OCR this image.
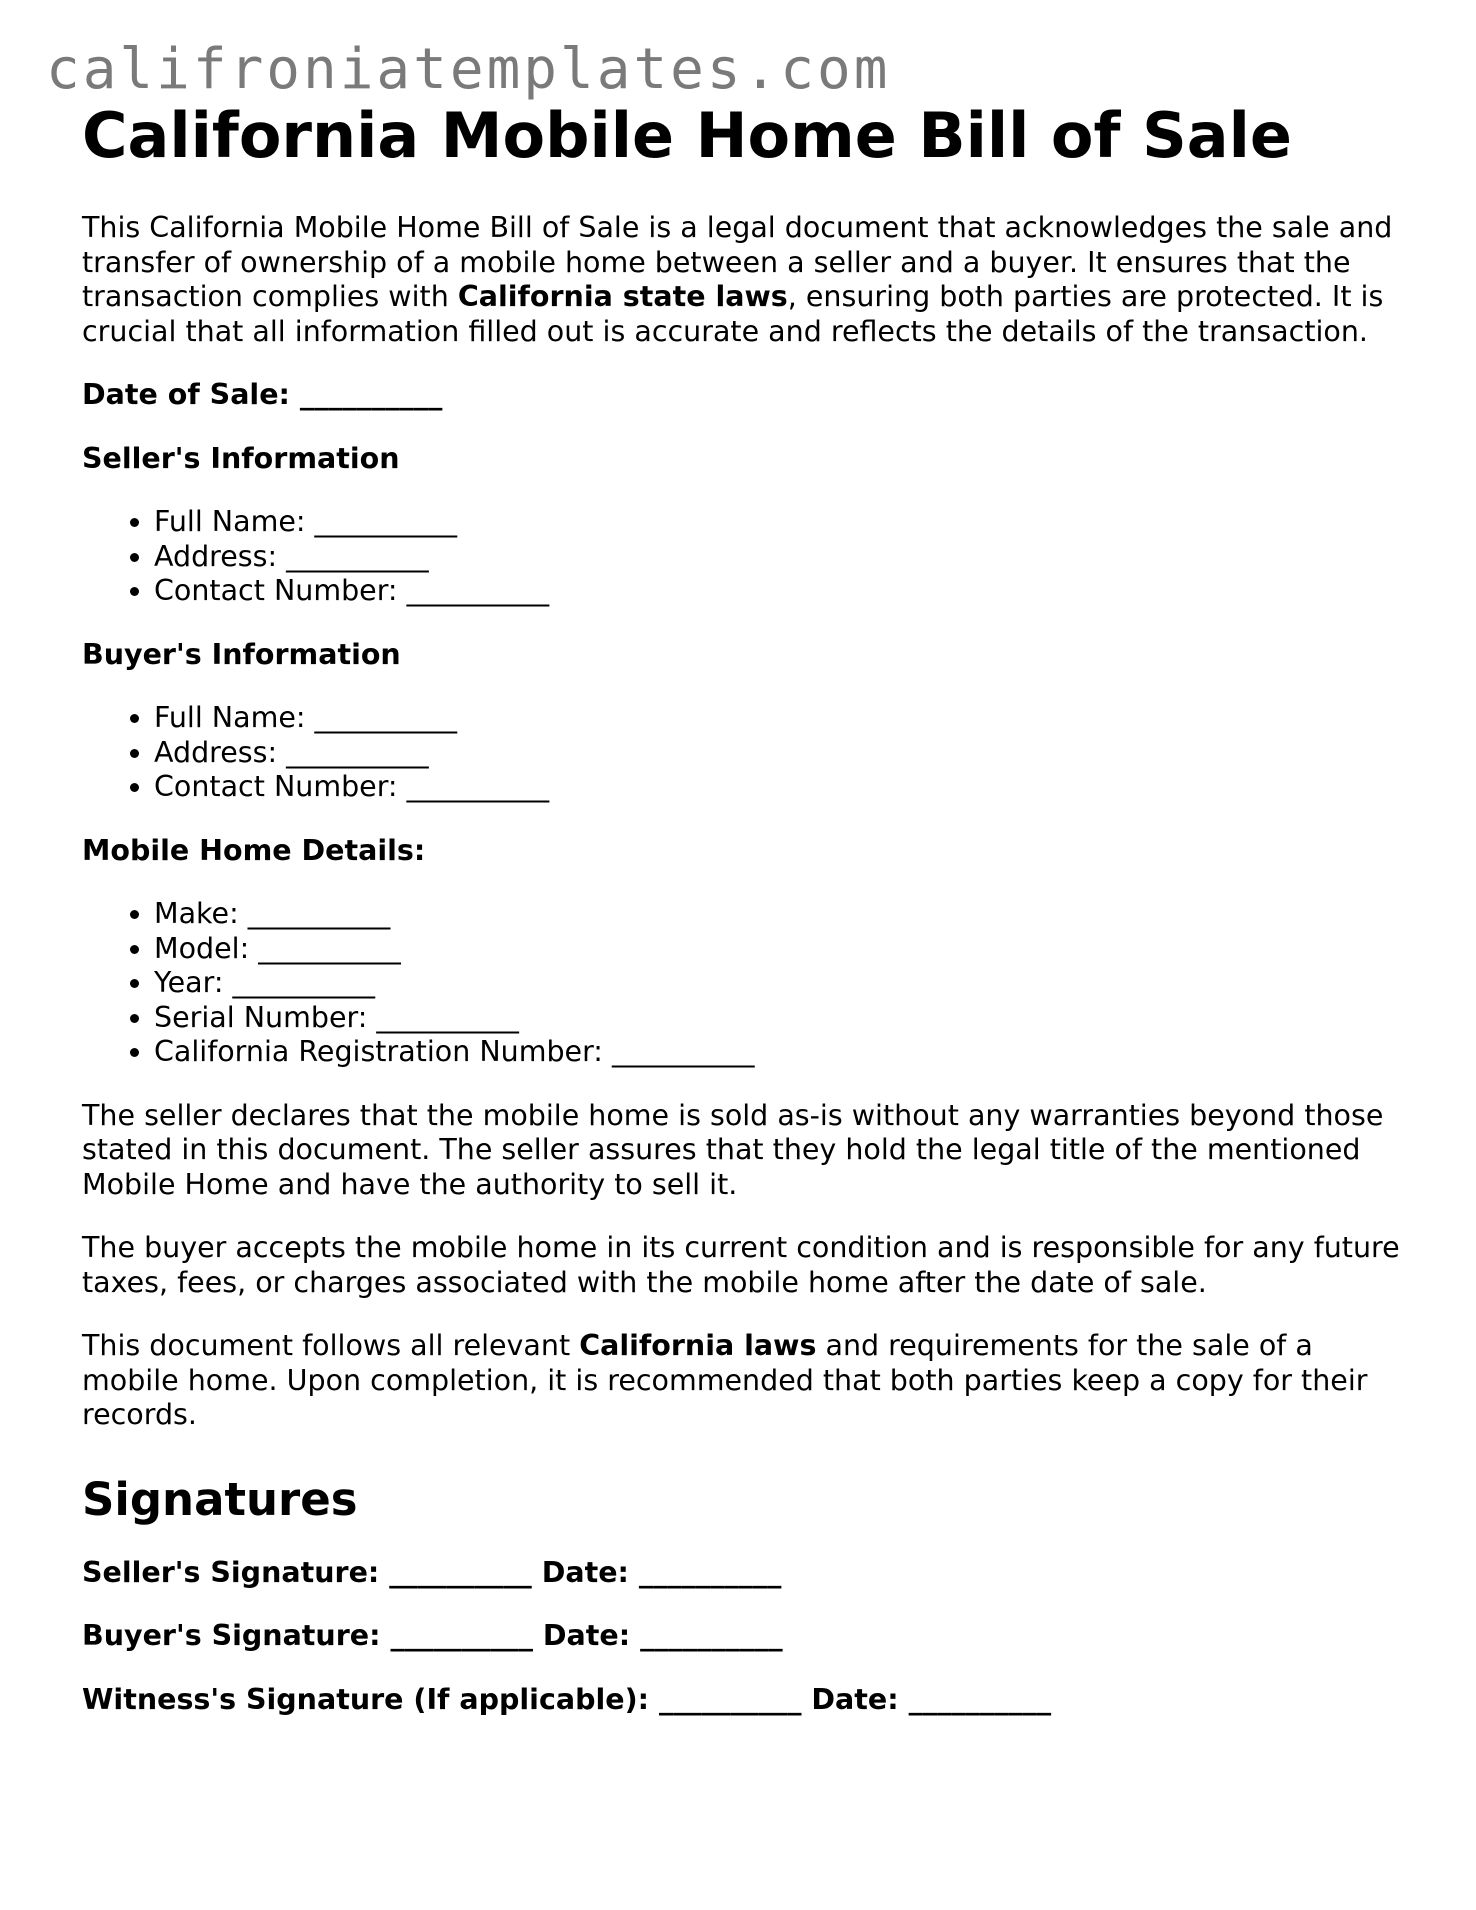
califroniatemplates.com
California Mobile Home Bill of Sale

This California Mobile Home Bill of Sale is a legal document that acknowledges the sale and transfer of ownership of a mobile home between a seller and a buyer. It ensures that the transaction complies with California state laws, ensuring both parties are protected. It is crucial that all information filled out is accurate and reflects the details of the transaction.

Date of Sale: __________

Seller's Information

• Full Name: __________
• Address: __________
• Contact Number: __________

Buyer's Information

• Full Name: __________
• Address: __________
• Contact Number: __________

Mobile Home Details:

• Make: __________
• Model: __________
• Year: __________
• Serial Number: __________
• California Registration Number: __________

The seller declares that the mobile home is sold as-is without any warranties beyond those stated in this document. The seller assures that they hold the legal title of the mentioned Mobile Home and have the authority to sell it.

The buyer accepts the mobile home in its current condition and is responsible for any future taxes, fees, or charges associated with the mobile home after the date of sale.

This document follows all relevant California laws and requirements for the sale of a mobile home. Upon completion, it is recommended that both parties keep a copy for their records.

Signatures

Seller's Signature: __________ Date: __________

Buyer's Signature: __________ Date: __________

Witness's Signature (If applicable): __________ Date: __________
